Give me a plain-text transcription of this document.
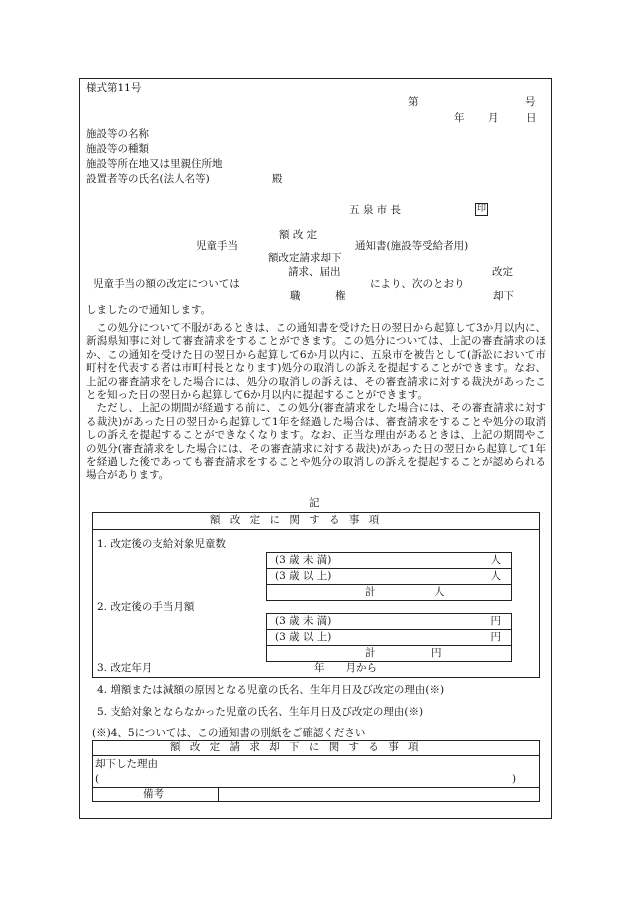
様式第11号
第	号
年 月	日
施設等の名称
施設等の種類
施設等所在地又は里親住所地
設置者等の氏名(法人名等)	殿
五 泉 市 長	印
額 改 定
児童手当	通知書(施設等受給者用)
額改定請求却下
請求、届出	改定
児童手当の額の改定については	により、次のとおり
職	権	却下
しましたので通知します。

この処分について不服があるときは、この通知書を受けた日の翌日から起算して3か月以内に、新潟県知事に対して審査請求をすることができます。この処分については、上記の審査請求のほか、この通知を受けた日の翌日から起算して6か月以内に、五泉市を被告として(訴訟において市町村を代表する者は市町村長となります)処分の取消しの訴えを提起することができます。なお、上記の審査請求をした場合には、処分の取消しの訴えは、その審査請求に対する裁決があったことを知った日の翌日から起算して6か月以内に提起することができます。

ただし、上記の期間が経過する前に、この処分(審査請求をした場合には、その審査請求に対する裁決)があった日の翌日から起算して1年を経過した場合は、審査請求をすることや処分の取消しの訴えを提起することができなくなります。なお、正当な理由があるときは、上記の期間やこの処分(審査請求をした場合には、その審査請求に対する裁決)があった日の翌日から起算して1年を経過した後であっても審査請求をすることや処分の取消しの訴えを提起することが認められる場合があります。

記
額 改 定 に 関 す る 事 項
1. 改定後の支給対象児童数
(3 歳 未 満)	人
(3 歳 以 上)	人
計	人
2. 改定後の手当月額
(3 歳 未 満)	円
(3 歳 以 上)	円
計	円
3. 改定年月	年　　月から
4. 増額または減額の原因となる児童の氏名、生年月日及び改定の理由(※)
5. 支給対象とならなかった児童の氏名、生年月日及び改定の理由(※)
(※)4、5については、この通知書の別紙をご確認ください
額 改 定 請 求 却 下 に 関 す る 事 項
却下した理由
(	)
備考
